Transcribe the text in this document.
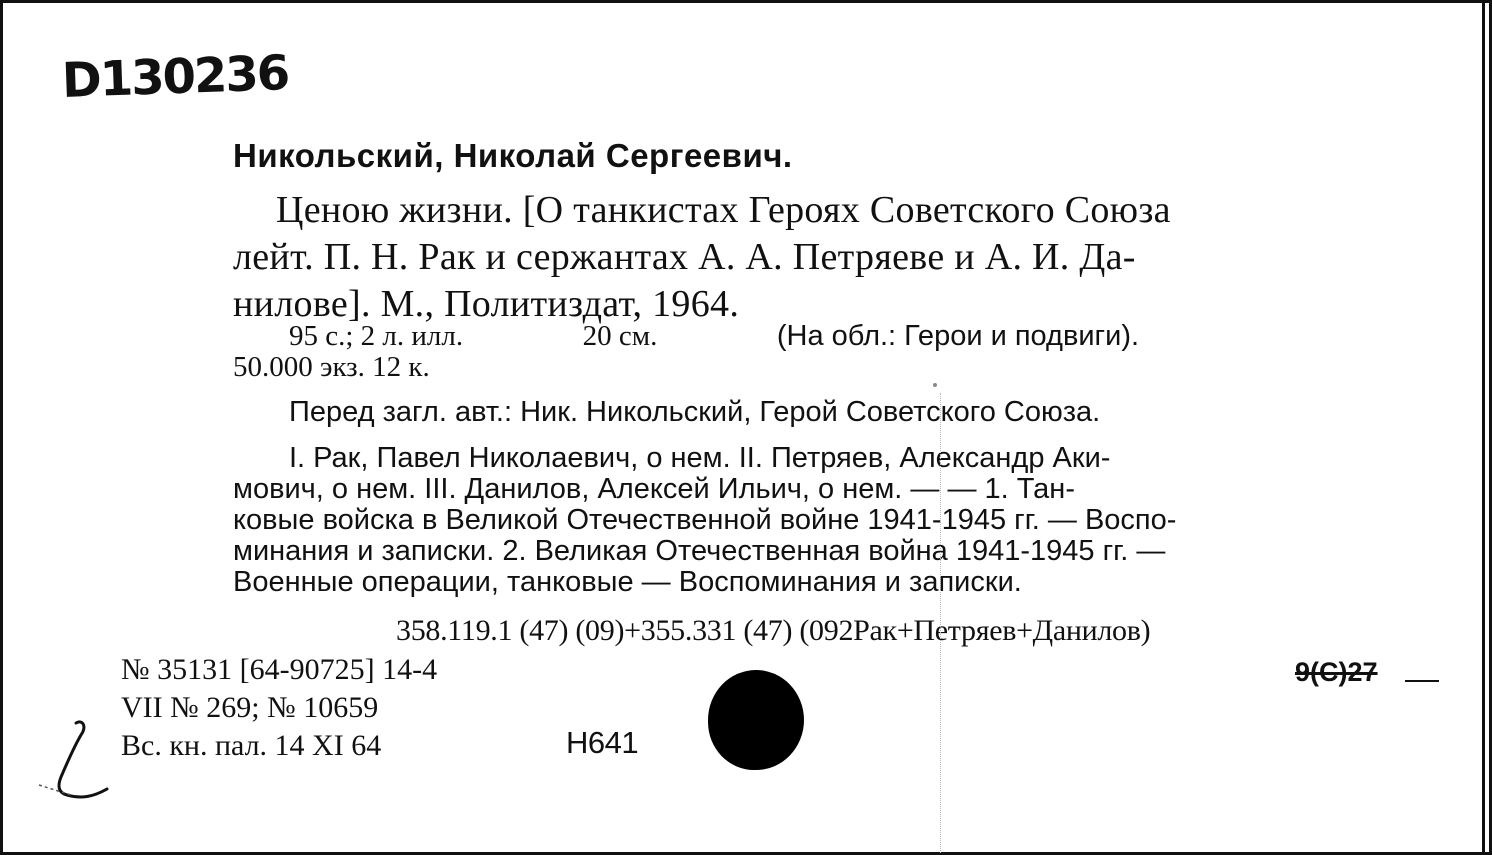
D130236
Никольский, Николай Сергеевич.
Ценою жизни. [О танкистах Героях Советского Союза
лейт. П. Н. Рак и сержантах А. А. Петряеве и А. И. Да-
нилове]. М., Политиздат, 1964.
95 с.; 2 л. илл.	20 см.	(На обл.: Герои и подвиги).
50.000 экз. 12 к.
Перед загл. авт.: Ник. Никольский, Герой Советского Союза.
I. Рак, Павел Николаевич, о нем. II. Петряев, Александр Аки-
мович, о нем. III. Данилов, Алексей Ильич, о нем. — — 1. Тан-
ковые войска в Великой Отечественной войне 1941-1945 гг. — Воспо-
минания и записки. 2. Великая Отечественная война 1941-1945 гг. —
Военные операции, танковые — Воспоминания и записки.
358.119.1 (47) (09)+355.331 (47) (092Рак+Петряев+Данилов)
№ 35131 [64-90725] 14-4
VII № 269; № 10659
Вс. кн. пал. 14 XI 64	Н641
9(С)27
2
